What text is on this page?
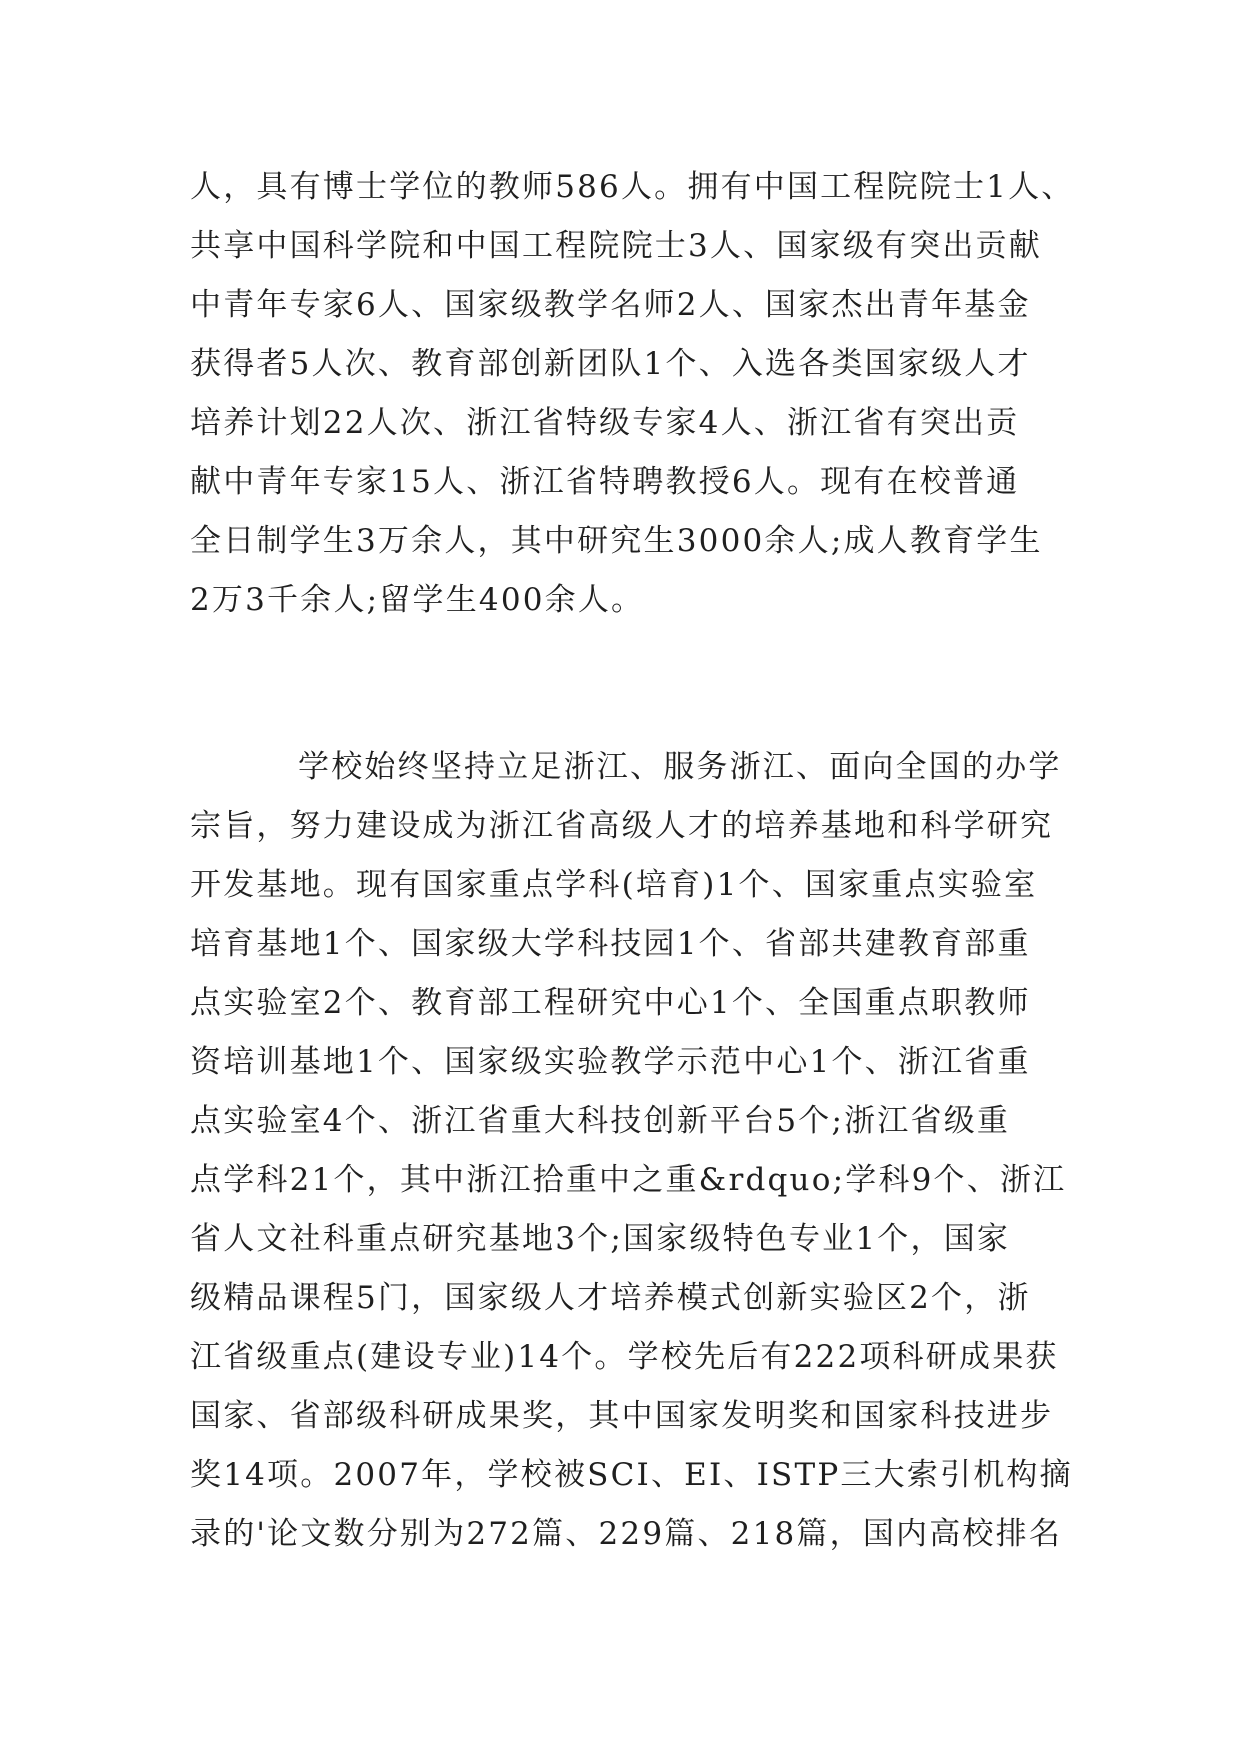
人，具有博士学位的教师586人。拥有中国工程院院士1人、
共享中国科学院和中国工程院院士3人、国家级有突出贡献
中青年专家6人、国家级教学名师2人、国家杰出青年基金
获得者5人次、教育部创新团队1个、入选各类国家级人才
培养计划22人次、浙江省特级专家4人、浙江省有突出贡
献中青年专家15人、浙江省特聘教授6人。现有在校普通
全日制学生3万余人，其中研究生3000余人;成人教育学生
2万3千余人;留学生400余人。
学校始终坚持立足浙江、服务浙江、面向全国的办学
宗旨，努力建设成为浙江省高级人才的培养基地和科学研究
开发基地。现有国家重点学科(培育)1个、国家重点实验室
培育基地1个、国家级大学科技园1个、省部共建教育部重
点实验室2个、教育部工程研究中心1个、全国重点职教师
资培训基地1个、国家级实验教学示范中心1个、浙江省重
点实验室4个、浙江省重大科技创新平台5个;浙江省级重
点学科21个，其中浙江拾重中之重&rdquo;学科9个、浙江
省人文社科重点研究基地3个;国家级特色专业1个，国家
级精品课程5门，国家级人才培养模式创新实验区2个，浙
江省级重点(建设专业)14个。学校先后有222项科研成果获
国家、省部级科研成果奖，其中国家发明奖和国家科技进步
奖14项。2007年，学校被SCI、EI、ISTP三大索引机构摘
录的'论文数分别为272篇、229篇、218篇，国内高校排名
